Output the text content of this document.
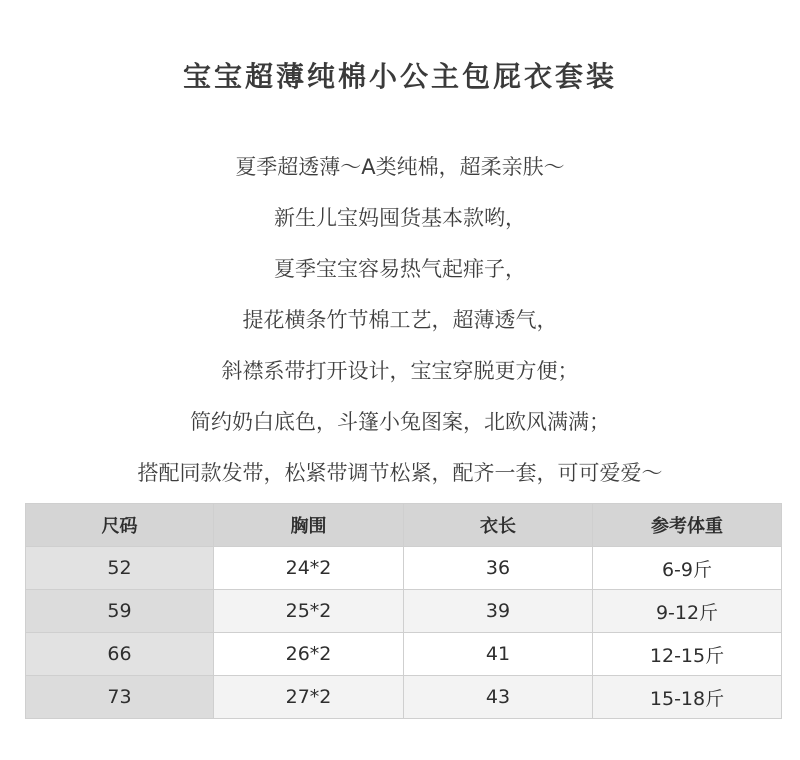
宝宝超薄纯棉小公主包屁衣套装
夏季超透薄～A类纯棉，超柔亲肤～
新生儿宝妈囤货基本款哟，
夏季宝宝容易热气起痱子，
提花横条竹节棉工艺，超薄透气，
斜襟系带打开设计，宝宝穿脱更方便；
简约奶白底色，斗篷小兔图案，北欧风满满；
搭配同款发带，松紧带调节松紧，配齐一套，可可爱爱～
尺码	胸围	衣长	参考体重
52	24*2	36	6-9斤
59	25*2	39	9-12斤
66	26*2	41	12-15斤
73	27*2	43	15-18斤
